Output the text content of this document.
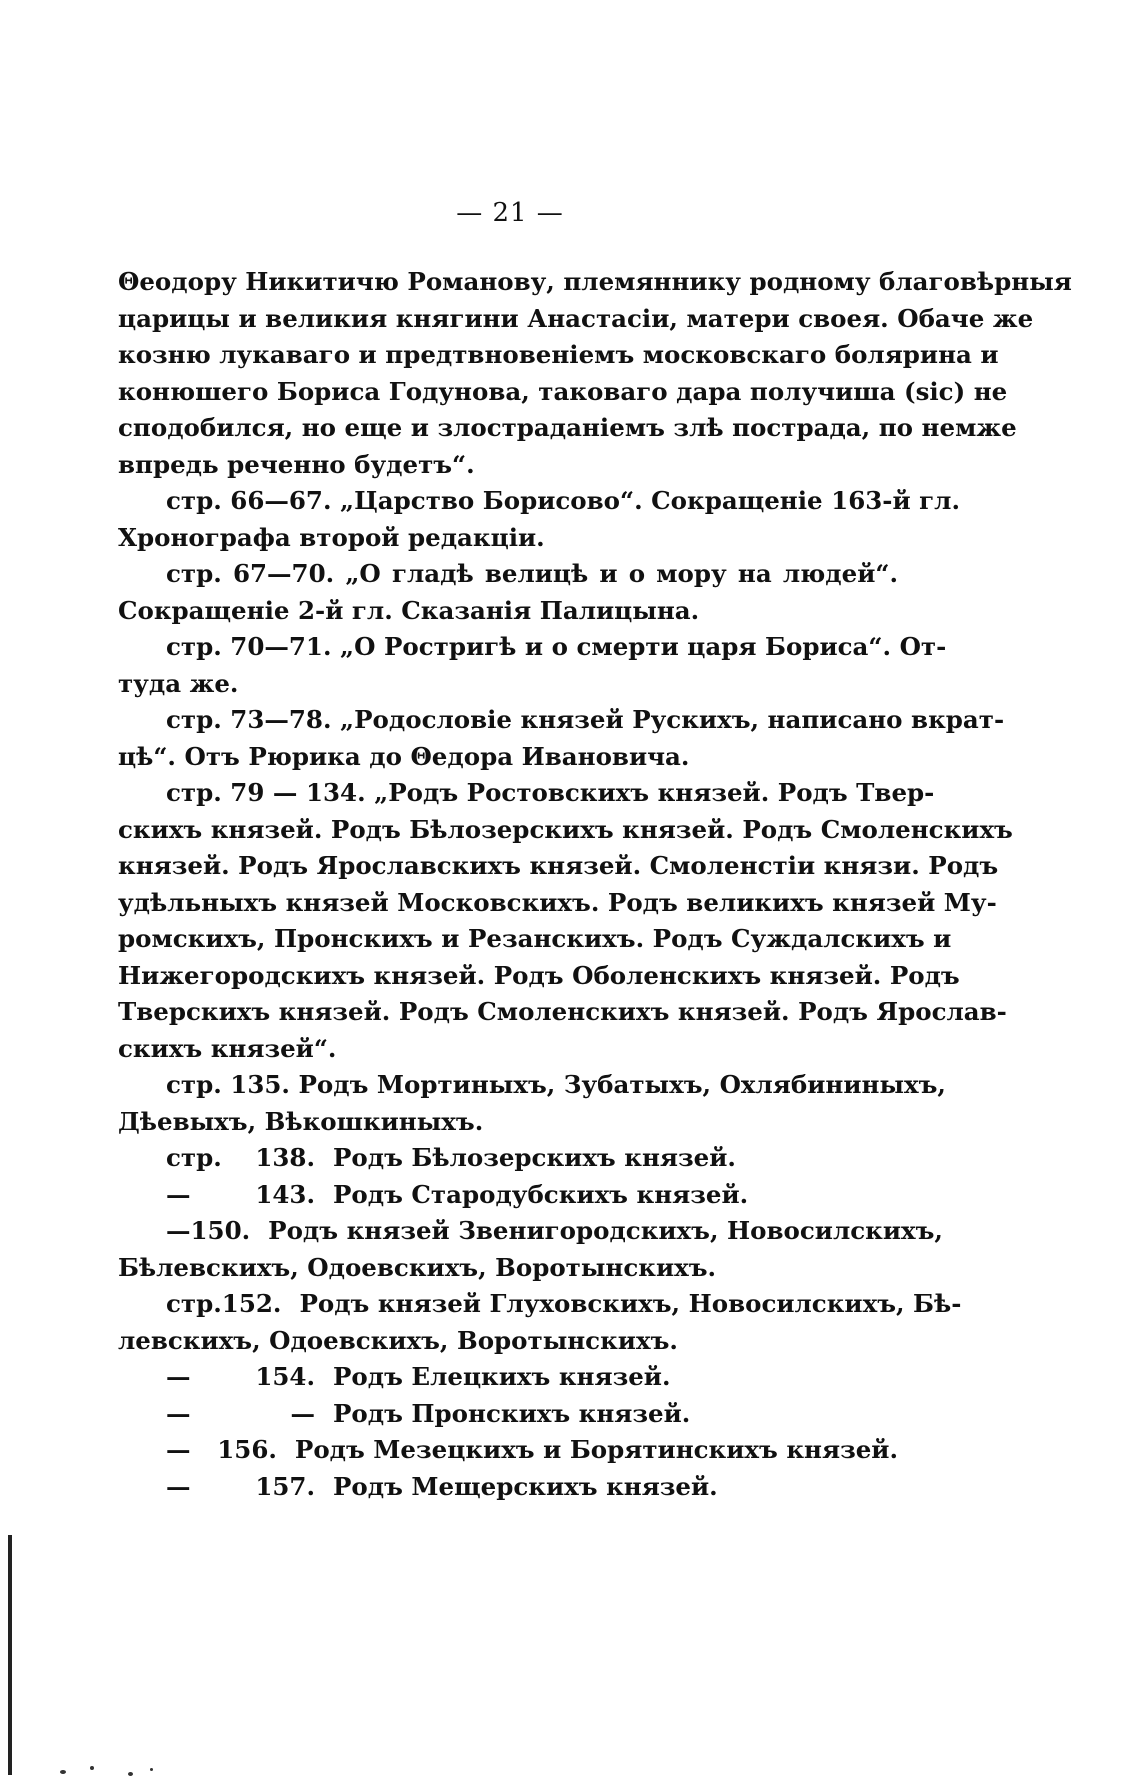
— 21 —
Θеодору Никитичю Романову, племяннику родному благовѣрныя
царицы и великия княгини Анастасіи, матери своея. Обаче же
козню лукаваго и предтвновеніемъ московскаго болярина и
конюшего Бориса Годунова, таковаго дара получиша (sic) не
сподобился, но еще и злостраданіемъ злѣ пострада, по немже
впредь реченно будетъ“.
стр. 66—67. „Царство Борисово“. Сокращеніе 163-й гл.
Хронографа второй редакціи.
стр. 67—70. „О гладѣ велицѣ и о мору на людей“.
Сокращеніе 2-й гл. Сказанія Палицына.
стр. 70—71. „О Ростригѣ и о смерти царя Бориса“. От-
туда же.
стр. 73—78. „Родословіе князей Рускихъ, написано вкрат-
цѣ“. Отъ Рюрика до Θедора Ивановича.
стр. 79 — 134. „Родъ Ростовскихъ князей. Родъ Твер-
скихъ князей. Родъ Бѣлозерскихъ князей. Родъ Смоленскихъ
князей. Родъ Ярославскихъ князей. Смоленстіи князи. Родъ
удѣльныхъ князей Московскихъ. Родъ великихъ князей Му-
ромскихъ, Пронскихъ и Резанскихъ. Родъ Суждалскихъ и
Нижегородскихъ князей. Родъ Оболенскихъ князей. Родъ
Тверскихъ князей. Родъ Смоленскихъ князей. Родъ Ярослав-
скихъ князей“.
стр. 135. Родъ Мортиныхъ, Зубатыхъ, Охлябининыхъ,
Дѣевыхъ, Вѣкошкиныхъ.
стр. 138. Родъ Бѣлозерскихъ князей.
—	143. Родъ Стародубскихъ князей.
— 150. Родъ князей Звенигородскихъ, Новосилскихъ,
Бѣлевскихъ, Одоевскихъ, Воротынскихъ.
стр. 152. Родъ князей Глуховскихъ, Новосилскихъ, Бѣ-
левскихъ, Одоевскихъ, Воротынскихъ.
—	154. Родъ Елецкихъ князей.
—	— Родъ Пронскихъ князей.
— 156. Родъ Мезецкихъ и Борятинскихъ князей.
—	157. Родъ Мещерскихъ князей.
